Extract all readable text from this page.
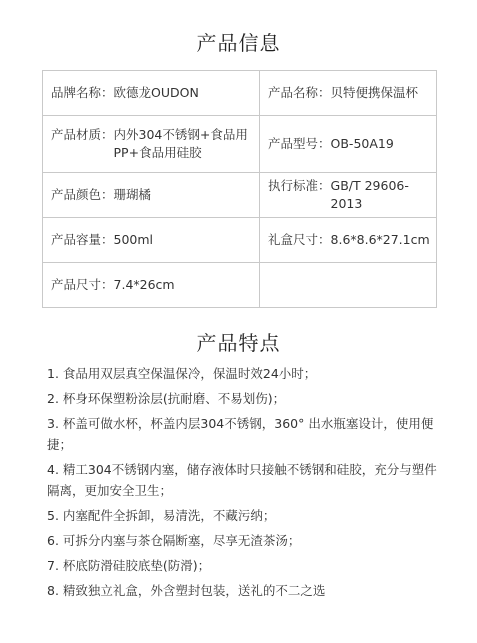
产品信息
品牌名称： 欧德龙OUDON	产品名称： 贝特便携保温杯

产品材质： 内外304不锈钢+食品用PP+食品用硅胶	产品型号： OB-50A19

产品颜色： 珊瑚橘	执行标准： GB/T 29606-2013

产品容量： 500ml	礼盒尺寸： 8.6*8.6*27.1cm

产品尺寸： 7.4*26cm	

产品特点
1. 食品用双层真空保温保冷，保温时效24小时；
2. 杯身环保塑粉涂层(抗耐磨、不易划伤)；
3. 杯盖可做水杯，杯盖内层304不锈钢，360° 出水瓶塞设计，使用便捷；
4. 精工304不锈钢内塞，储存液体时只接触不锈钢和硅胶，充分与塑件隔离，更加安全卫生；
5. 内塞配件全拆卸，易清洗，不藏污纳；
6. 可拆分内塞与茶仓隔断塞，尽享无渣茶汤；
7. 杯底防滑硅胶底垫(防滑)；
8. 精致独立礼盒，外含塑封包装，送礼的不二之选
